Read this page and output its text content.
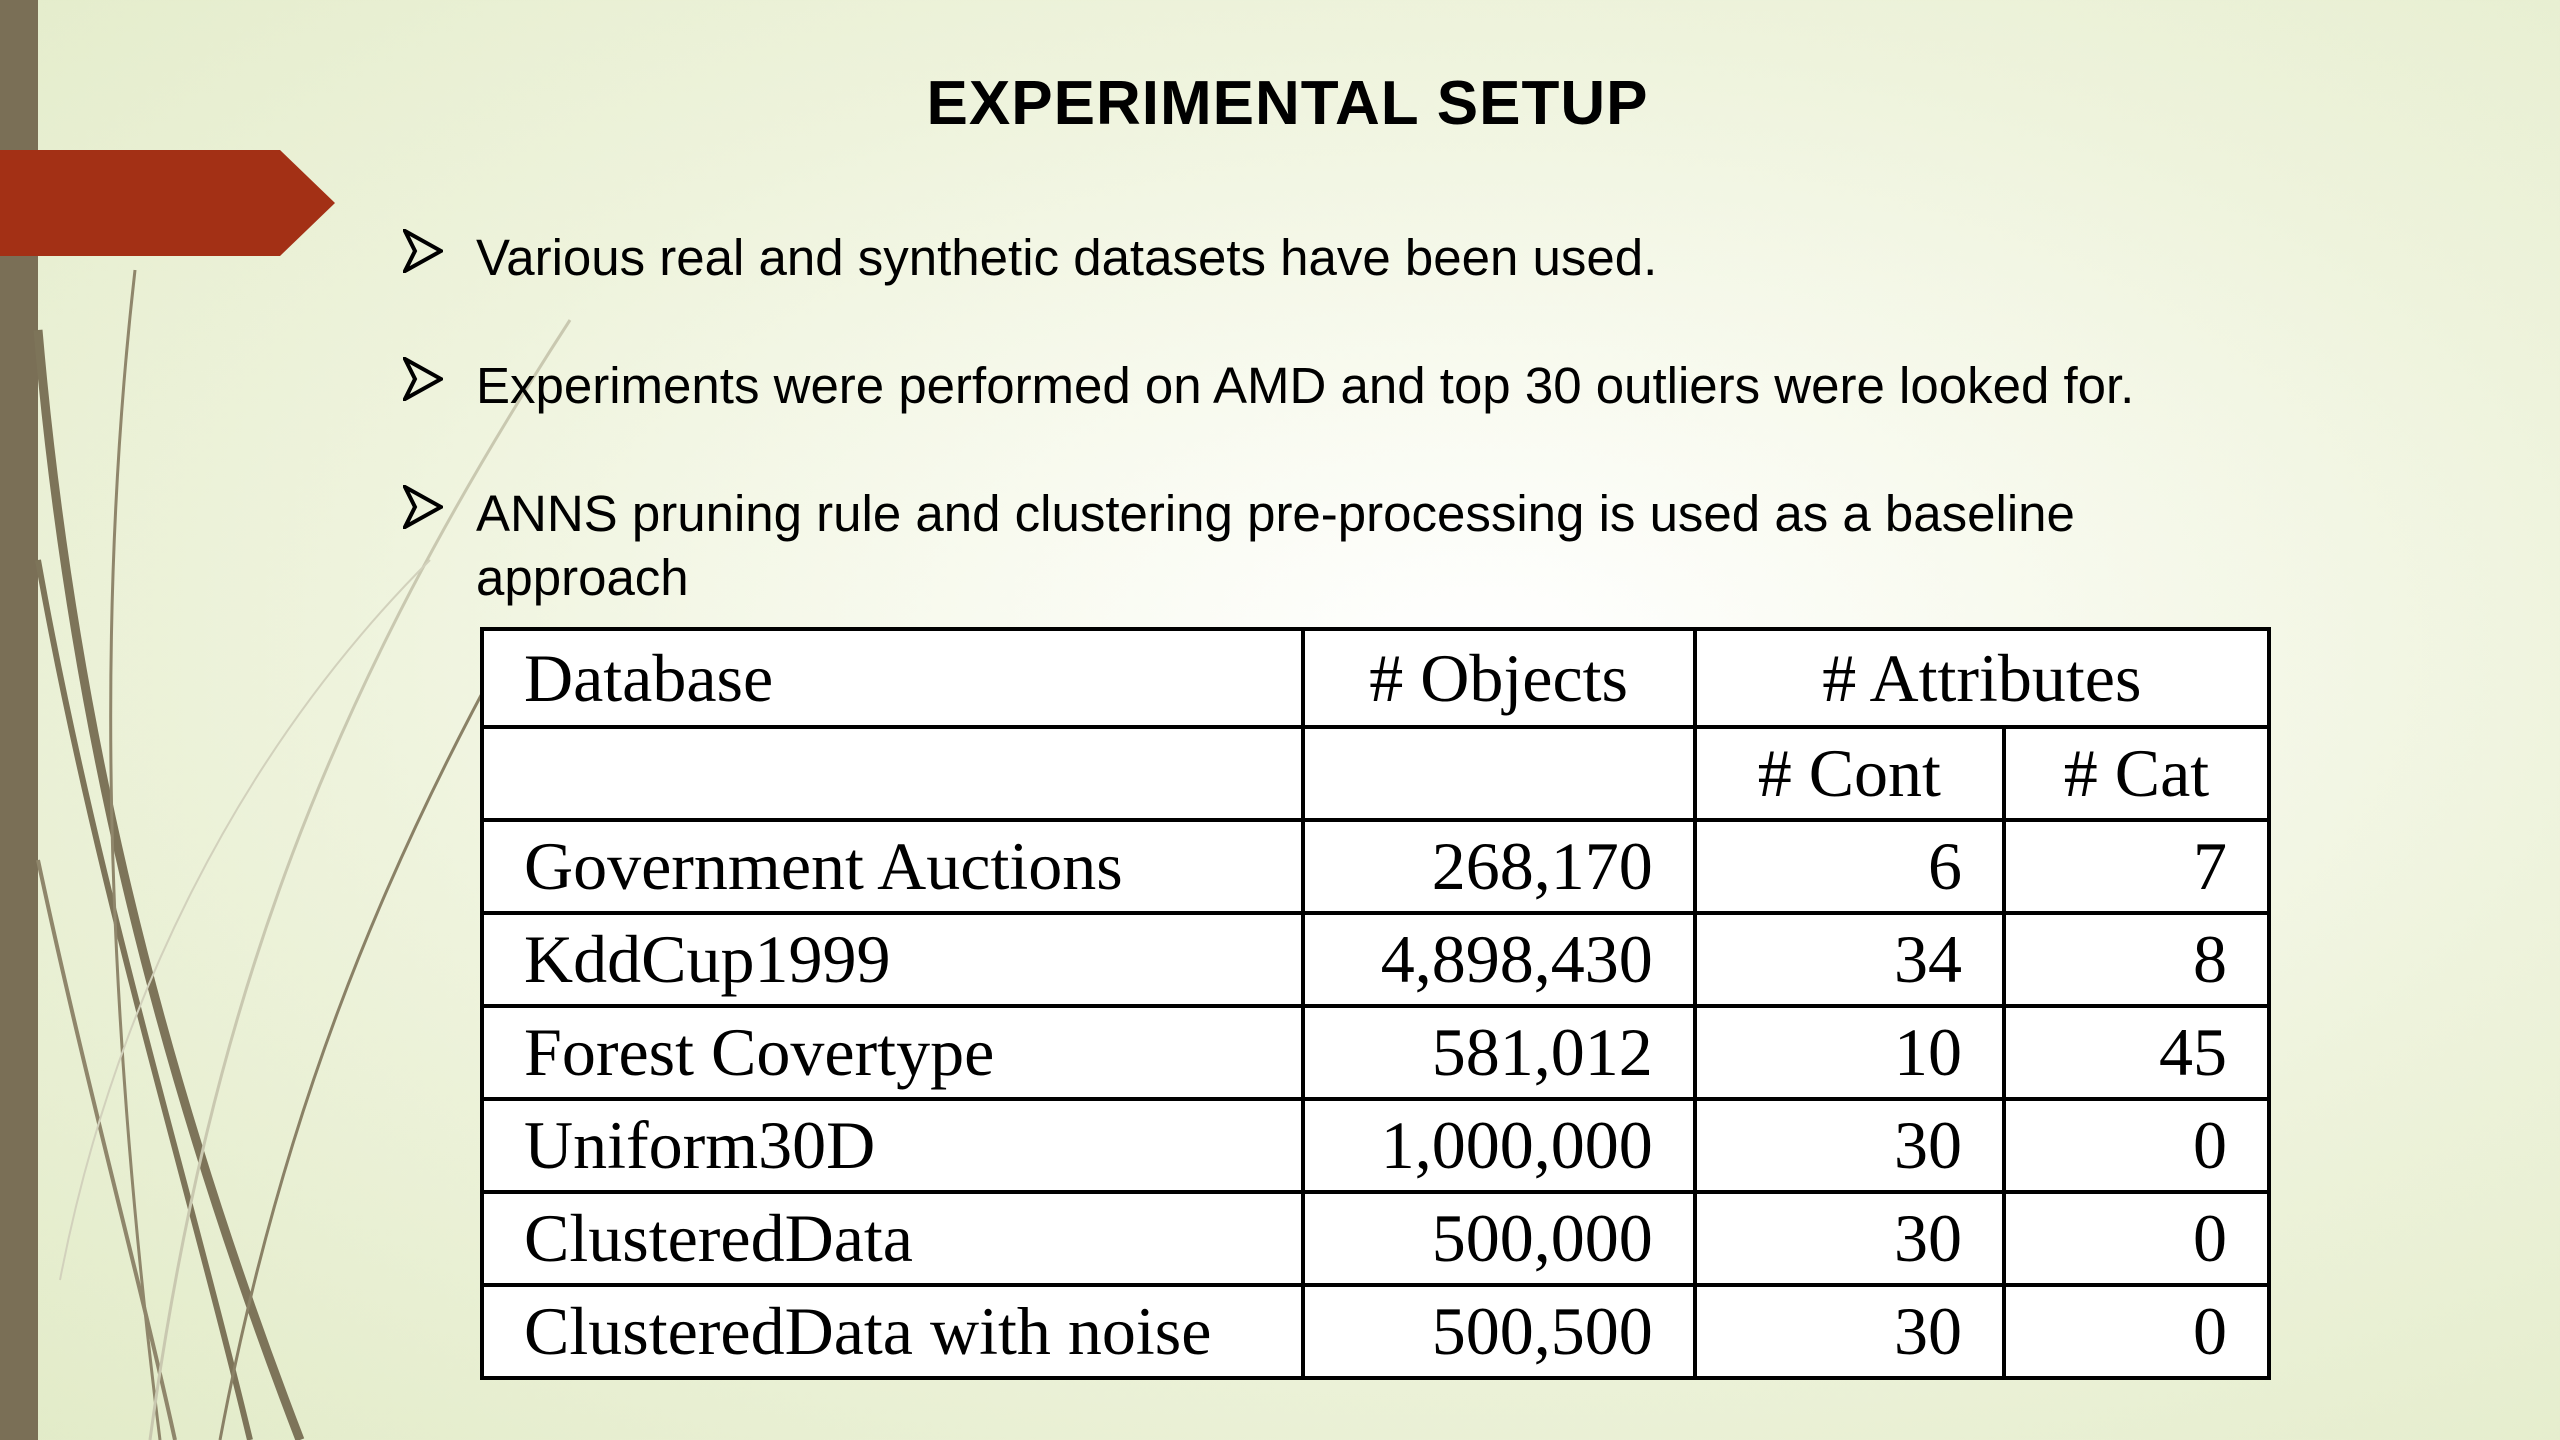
EXPERIMENTAL SETUP
Various real and synthetic datasets have been used.
Experiments were performed on AMD and top 30 outliers were looked for.
ANNS pruning rule and clustering pre-processing is used as a baseline
approach
Database	# Objects	# Attributes	
		# Cont	# Cat
Government Auctions	268,170	6	7
KddCup1999	4,898,430	34	8
Forest Covertype	581,012	10	45
Uniform30D	1,000,000	30	0
ClusteredData	500,000	30	0
ClusteredData with noise	500,500	30	0
